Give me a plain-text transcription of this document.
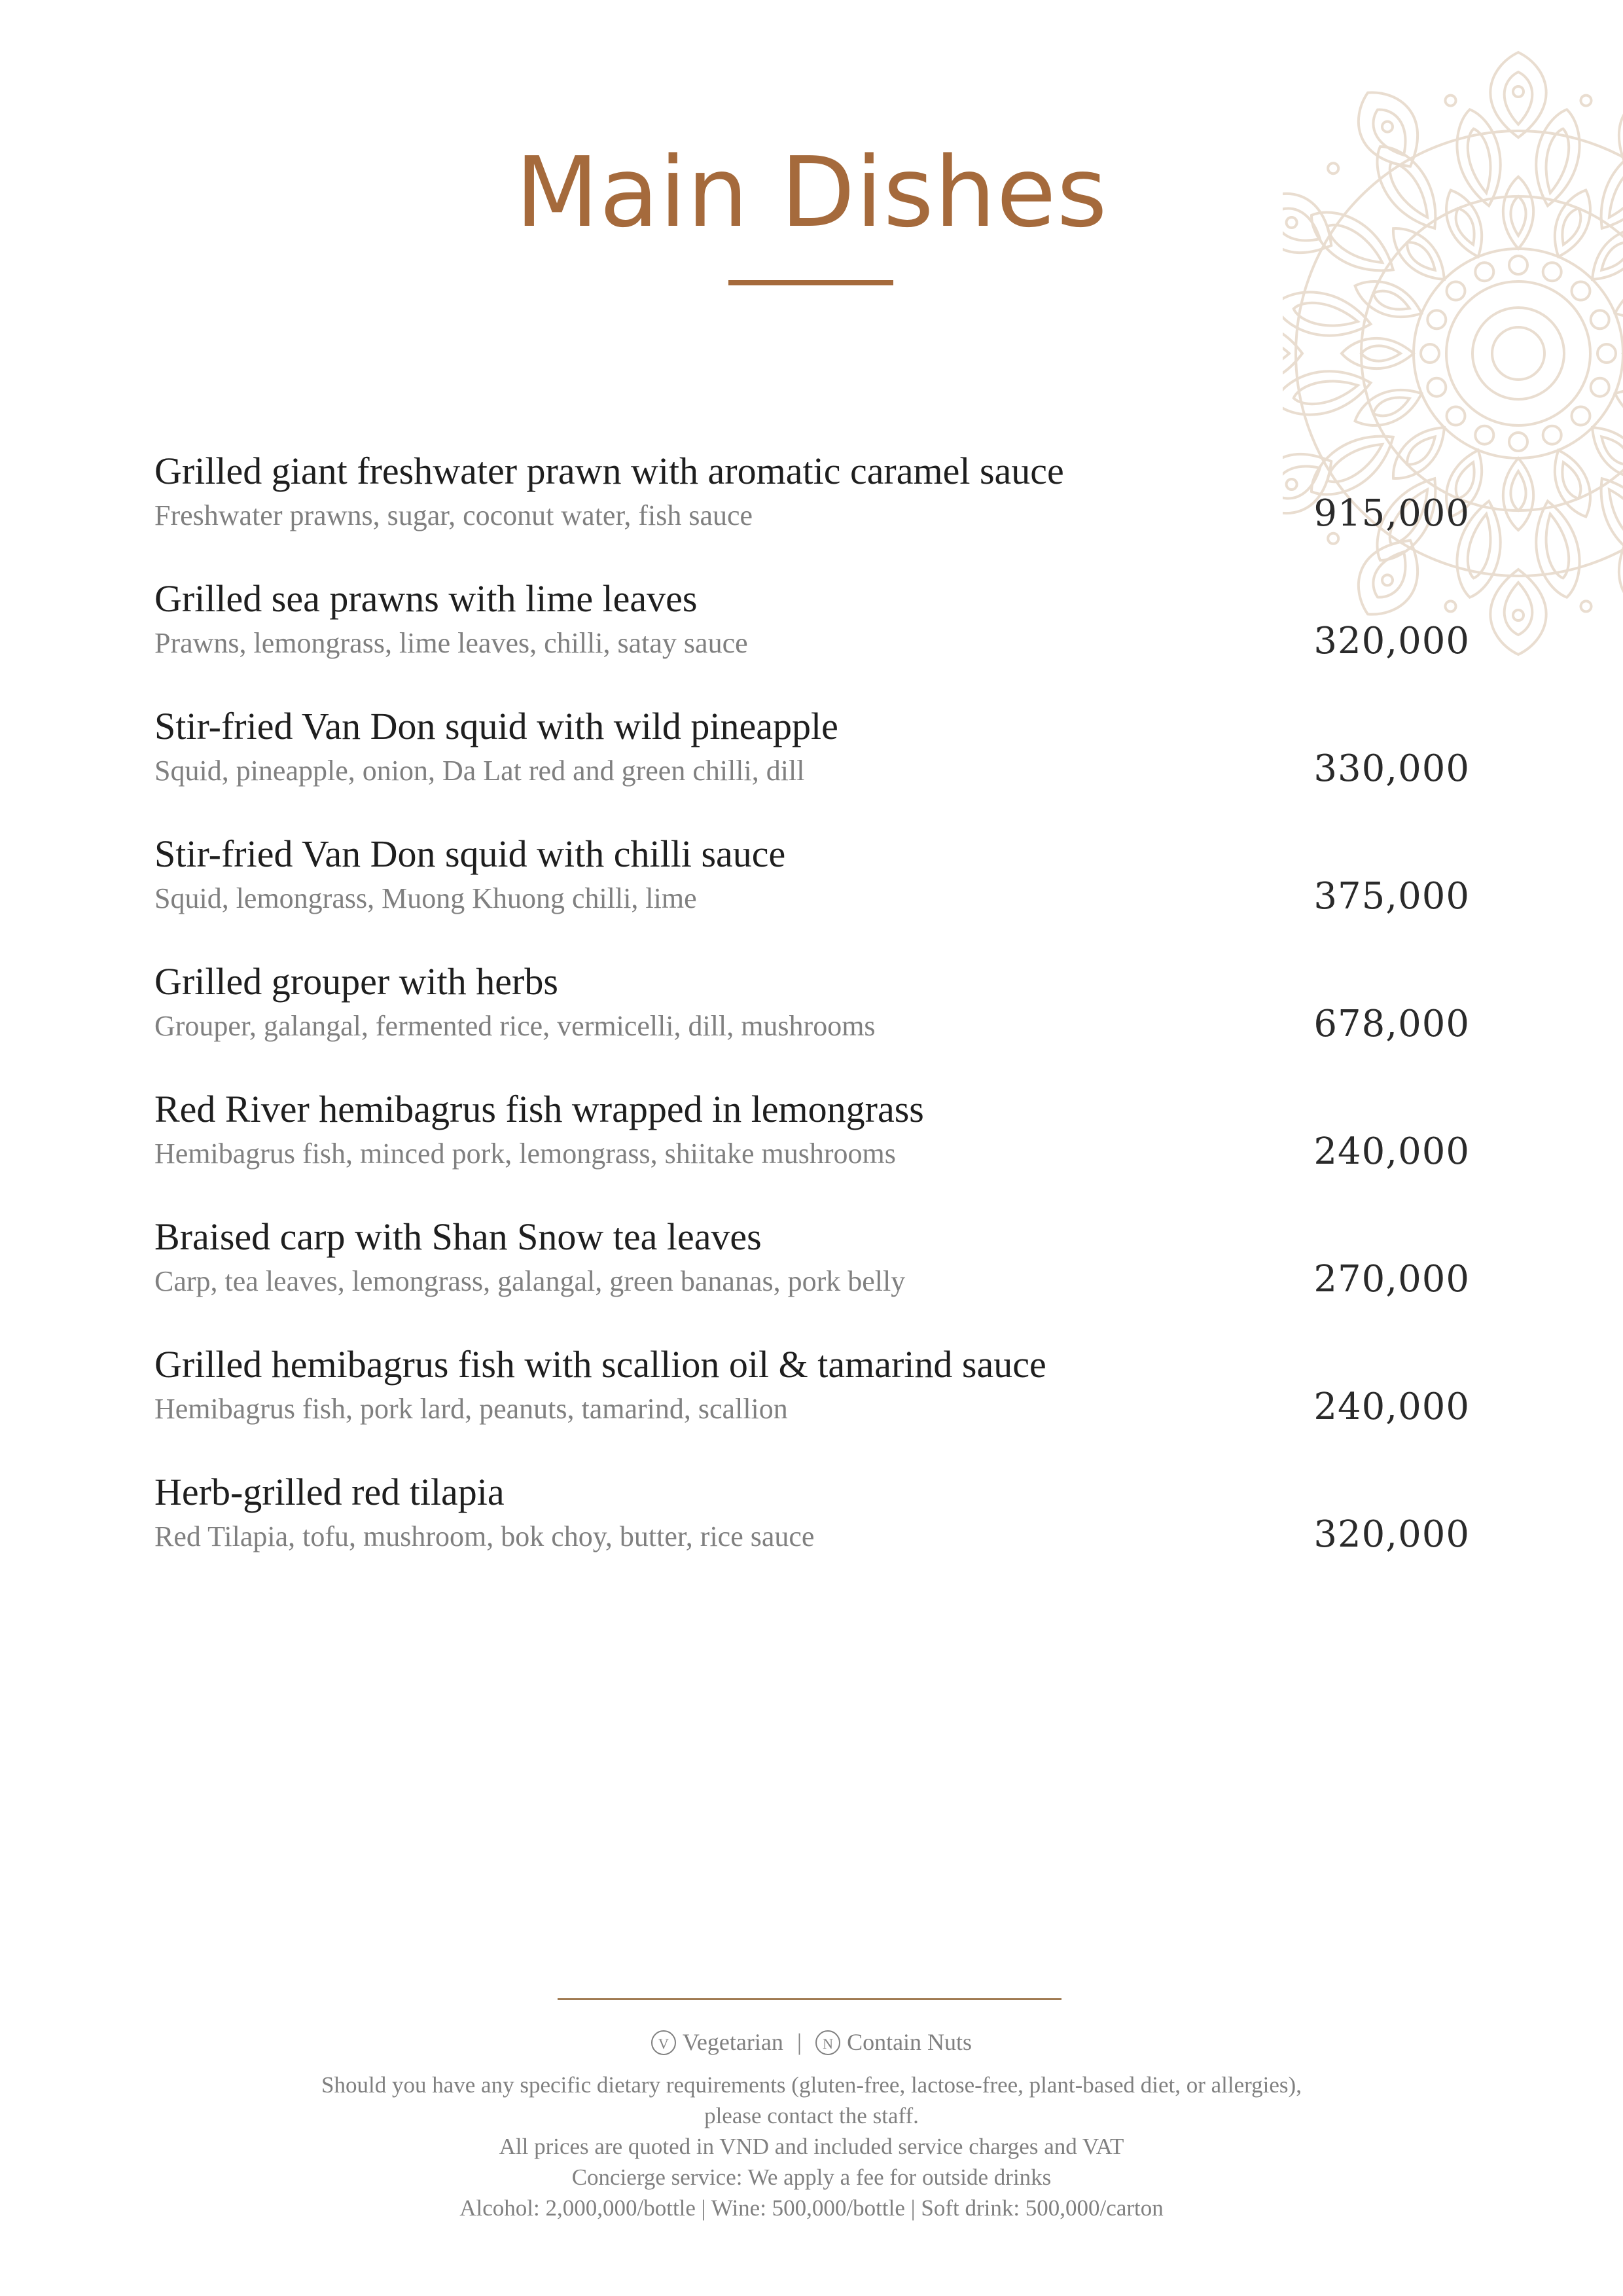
Main Dishes
Grilled giant freshwater prawn with aromatic caramel sauce
Freshwater prawns, sugar, coconut water, fish sauce	915,000
Grilled sea prawns with lime leaves
Prawns, lemongrass, lime leaves, chilli, satay sauce	320,000
Stir-fried Van Don squid with wild pineapple
Squid, pineapple, onion, Da Lat red and green chilli, dill	330,000
Stir-fried Van Don squid with chilli sauce
Squid, lemongrass, Muong Khuong chilli, lime	375,000
Grilled grouper with herbs
Grouper, galangal, fermented rice, vermicelli, dill, mushrooms	678,000
Red River hemibagrus fish wrapped in lemongrass
Hemibagrus fish, minced pork, lemongrass, shiitake mushrooms	240,000
Braised carp with Shan Snow tea leaves
Carp, tea leaves, lemongrass, galangal, green bananas, pork belly	270,000
Grilled hemibagrus fish with scallion oil & tamarind sauce
Hemibagrus fish, pork lard, peanuts, tamarind, scallion	240,000
Herb-grilled red tilapia
Red Tilapia, tofu, mushroom, bok choy, butter, rice sauce	320,000
V Vegetarian | N Contain Nuts
Should you have any specific dietary requirements (gluten-free, lactose-free, plant-based diet, or allergies),
please contact the staff.
All prices are quoted in VND and included service charges and VAT
Concierge service: We apply a fee for outside drinks
Alcohol: 2,000,000/bottle | Wine: 500,000/bottle | Soft drink: 500,000/carton
